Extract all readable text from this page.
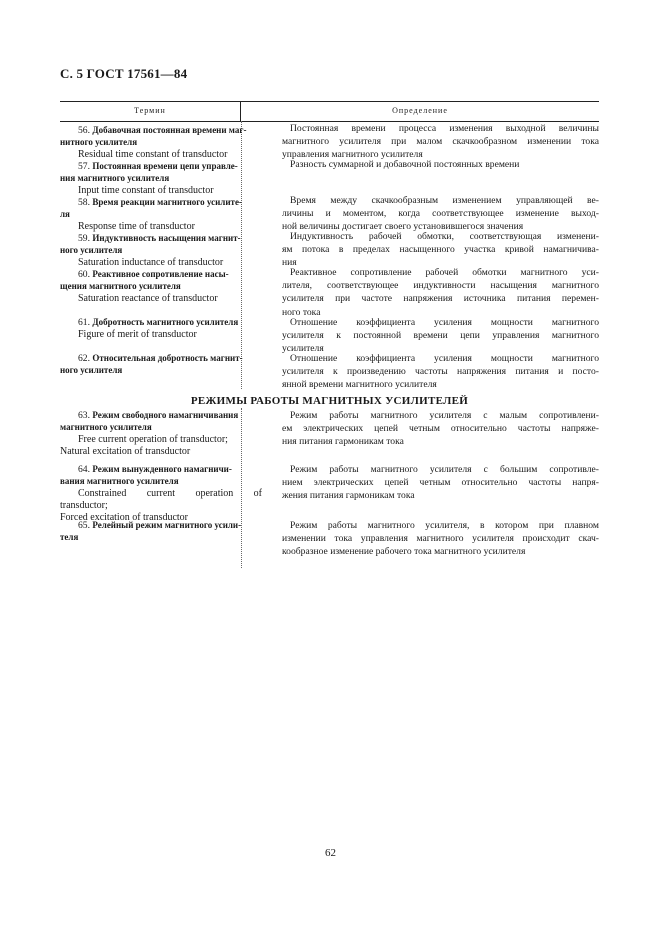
С. 5 ГОСТ 17561—84
Термин	Определение
56. Добавочная постоянная времени маг-
нитного усилителя
Residual time constant of transductor
Постоянная времени процесса изменения выходной величины
магнитного усилителя при малом скачкообразном изменении тока
управления магнитного усилителя
57. Постоянная времени цепи управле-
ния магнитного усилителя
Input time constant of transductor
Разность суммарной и добавочной постоянных времени
58. Время реакции магнитного усилите-
ля
Response time of transductor
Время между скачкообразным изменением управляющей ве-
личины и моментом, когда соответствующее изменение выход-
ной величины достигает своего установившегося значения
59. Индуктивность насыщения магнит-
ного усилителя
Saturation inductance of transductor
Индуктивность рабочей обмотки, соответствующая изменени-
ям потока в пределах насыщенного участка кривой намагничива-
ния
60. Реактивное сопротивление насы-
щения магнитного усилителя
Saturation reactance of transductor
Реактивное сопротивление рабочей обмотки магнитного уси-
лителя, соответствующее индуктивности насыщения магнитного
усилителя при частоте напряжения источника питания перемен-
ного тока
61. Добротность магнитного усилителя
Figure of merit of transductor
Отношение коэффициента усиления мощности магнитного
усилителя к постоянной времени цепи управления магнитного
усилителя
62. Относительная добротность магнит-
ного усилителя
Отношение коэффициента усиления мощности магнитного
усилителя к произведению частоты напряжения питания и посто-
янной времени магнитного усилителя
РЕЖИМЫ РАБОТЫ МАГНИТНЫХ УСИЛИТЕЛЕЙ
63. Режим свободного намагничивания
магнитного усилителя
Free current operation of transductor;
Natural excitation of transductor
Режим работы магнитного усилителя с малым сопротивлени-
ем электрических цепей четным относительно частоты напряже-
ния питания гармоникам тока
64. Режим вынужденного намагничи-
вания магнитного усилителя
Constrained current operation of
transductor;
Forced excitation of transductor
Режим работы магнитного усилителя с большим сопротивле-
нием электрических цепей четным относительно частоты напря-
жения питания гармоникам тока
65. Релейный режим магнитного усили-
теля
Режим работы магнитного усилителя, в котором при плавном
изменении тока управления магнитного усилителя происходит скач-
кообразное изменение рабочего тока магнитного усилителя
62
